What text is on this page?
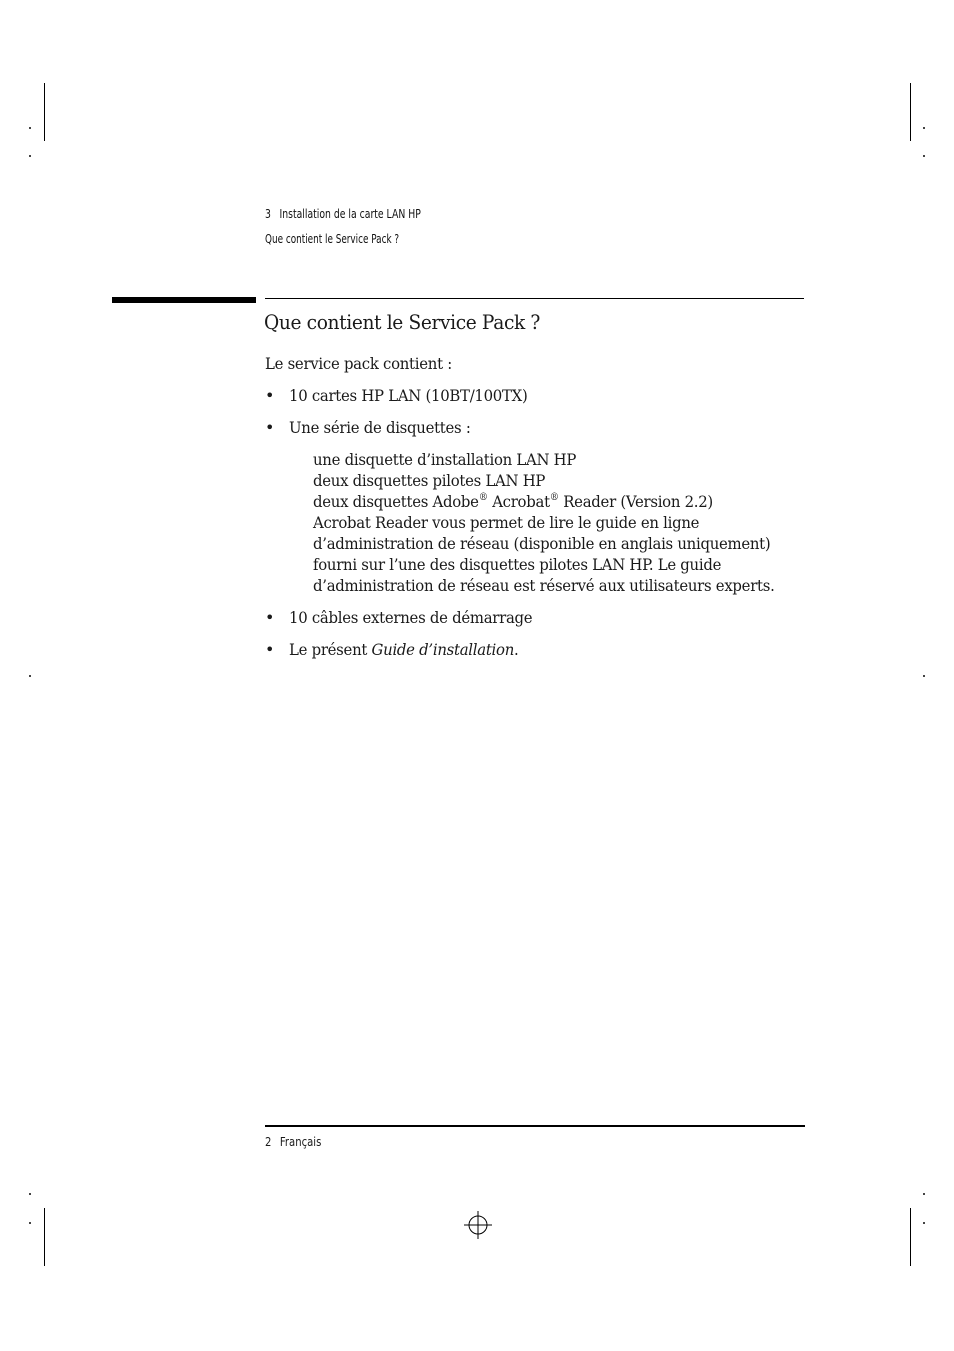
3 Installation de la carte LAN HP
Que contient le Service Pack ?
Que contient le Service Pack ?
Le service pack contient :
• 10 cartes HP LAN (10BT/100TX)
• Une série de disquettes :
une disquette d’installation LAN HP
deux disquettes pilotes LAN HP
deux disquettes Adobe® Acrobat® Reader (Version 2.2)
Acrobat Reader vous permet de lire le guide en ligne
d’administration de réseau (disponible en anglais uniquement)
fourni sur l’une des disquettes pilotes LAN HP. Le guide
d’administration de réseau est réservé aux utilisateurs experts.
• 10 câbles externes de démarrage
• Le présent Guide d’installation.
2 Français
